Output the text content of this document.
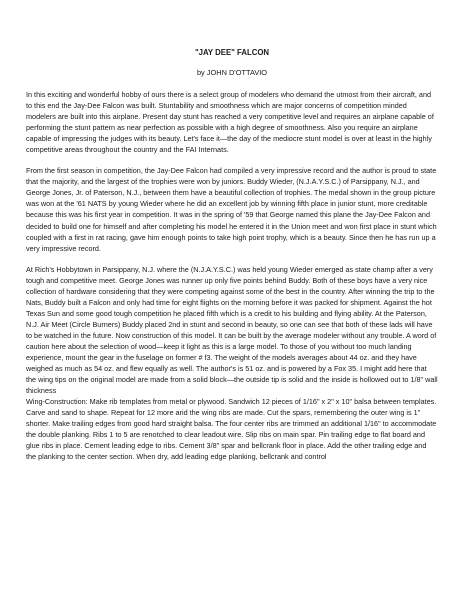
"JAY DEE" FALCON

by JOHN D'OTTAVIO

In this exciting and wonderful hobby of ours there is a select group of modelers who demand the utmost from their aircraft, and to this end the Jay-Dee Falcon was built. Stuntability and smoothness which are major concerns of competition minded modelers are built into this airplane. Present day stunt has reached a very competitive level and requires an airplane capable of performing the stunt pattern as near perfection as possible with a high degree of smoothness. Also you require an airplane capable of impressing the judges with its beauty. Let's face it—the day of the mediocre stunt model is over at least in the highly competitive areas throughout the country and the FAI Internats.

From the first season in competition, the Jay-Dee Falcon had compiled a very impressive record and the author is proud to state that the majority, and the largest of the trophies were won by juniors. Buddy Wieder, (N.J.A.Y.S.C.) of Parsippany, N.J., and George Jones, Jr. of Paterson, N.J., between them have a beautiful collection of trophies. The medal shown in the group picture was won at the '61 NATS by young Wieder where he did an excellent job by winning fifth place in junior stunt, more creditable because this was his first year in competition. It was in the spring of '59 that George named this plane the Jay-Dee Falcon and decided to build one for himself and after completing his model he entered it in the Union meet and won first place in stunt which coupled with a first in rat racing, gave him enough points to take high point trophy, which is a beauty. Since then he has run up a very impressive record.

At Rich's Hobbytown in Parsippany, N.J. where the (N.J.A.Y.S.C.) was held young Wieder emerged as state champ after a very tough and competitive meet. George Jones was runner up only five points behind Buddy. Both of these boys have a very nice collection of hardware considering that they were competing against some of the best in the country. After winning the trip to the Nats, Buddy built a Falcon and only had time for eight flights on the morning before it was packed for shipment. Against the hot Texas Sun and some good tough competition he placed fifth which is a credit to his building and flying ability. At the Paterson, N.J. Air Meet (Circle Burners) Buddy placed 2nd in stunt and second in beauty, so one can see that both of these lads will have to be watched in the future. Now construction of this model. It can be built by the average modeler without any trouble. A word of caution here about the selection of wood—keep it light as this is a large model. To those of you without too much landing experience, mount the gear in the fuselage on former # f3. The weight of the models averages about 44 oz. and they have weighed as much as 54 oz. and flew equally as well. The author's is 51 oz. and is powered by a Fox 35. I might add here that the wing tips on the original model are made from a solid block—the outside tip is solid and the inside is hollowed out to 1/8" wall thickness

Wing-Construction: Make rib templates from metal or plywood. Sandwich 12 pieces of 1/16" x 2" x 10" balsa between templates. Carve and sand to shape. Repeat for 12 more arid the wing ribs are made. Cut the spars, remembering the outer wing is 1" shorter. Make trailing edges from good hard straight balsa. The four center ribs are trimmed an additional 1/16" to accommodate the double planking. Ribs 1 to 5 are renotched to clear leadout wire. Slip ribs on main spar. Pin trailing edge to flat board and glue ribs in place. Cement leading edge to ribs. Cement 3/8" spar and bellcrank floor in place. Add the other trailing edge and the planking to the center section. When dry, add leading edge planking, bellcrank and control
